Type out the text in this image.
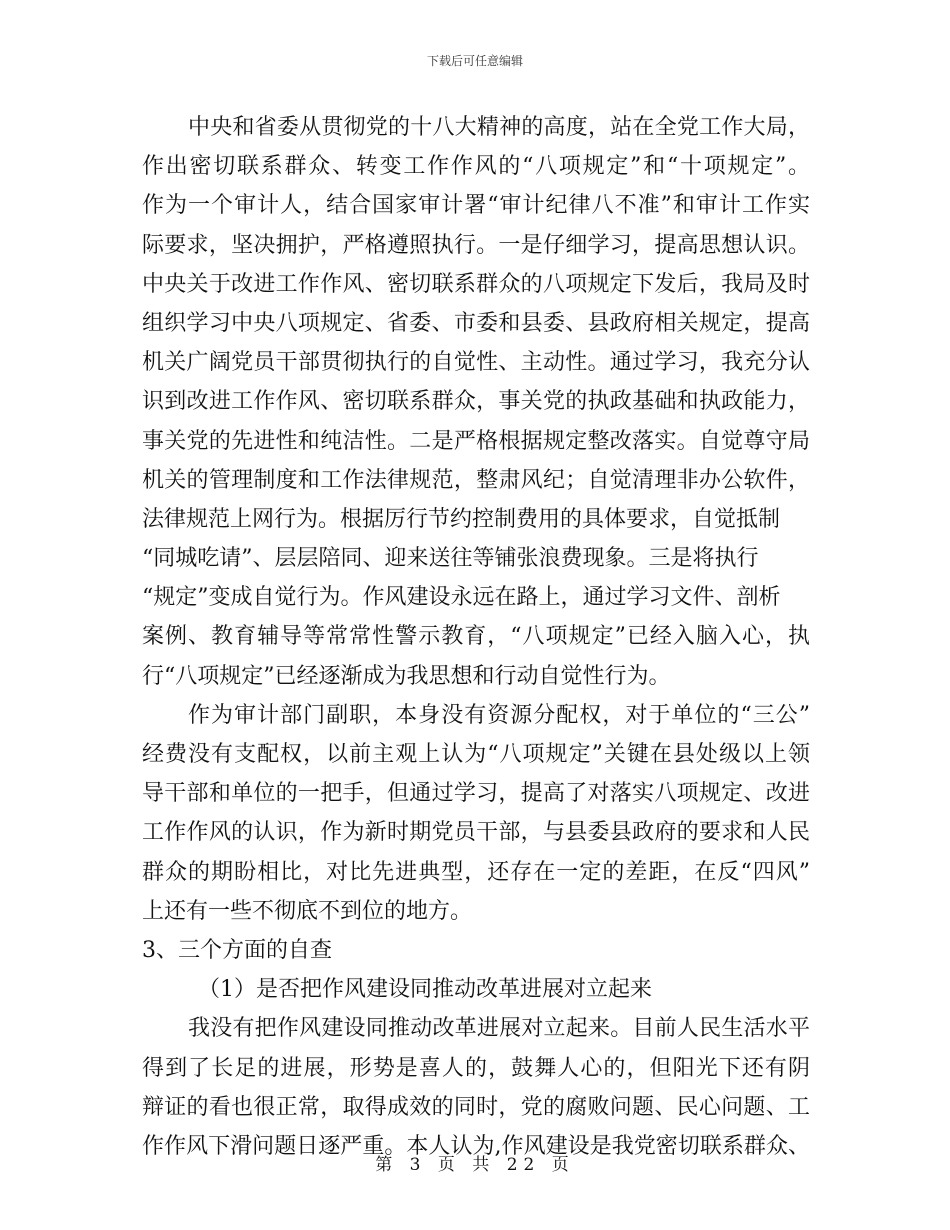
下载后可任意编辑
中央和省委从贯彻党的十八大精神的高度，站在全党工作大局，
作出密切联系群众、转变工作作风的“八项规定”和“十项规定”。
作为一个审计人，结合国家审计署“审计纪律八不准”和审计工作实
际要求，坚决拥护，严格遵照执行。一是仔细学习，提高思想认识。
中央关于改进工作作风、密切联系群众的八项规定下发后，我局及时
组织学习中央八项规定、省委、市委和县委、县政府相关规定，提高
机关广阔党员干部贯彻执行的自觉性、主动性。通过学习，我充分认
识到改进工作作风、密切联系群众，事关党的执政基础和执政能力，
事关党的先进性和纯洁性。二是严格根据规定整改落实。自觉尊守局
机关的管理制度和工作法律规范，整肃风纪；自觉清理非办公软件，
法律规范上网行为。根据厉行节约控制费用的具体要求，自觉抵制
“同城吃请”、层层陪同、迎来送往等铺张浪费现象。三是将执行
“规定”变成自觉行为。作风建设永远在路上，通过学习文件、剖析
案例、教育辅导等常常性警示教育，“八项规定”已经入脑入心，执
行“八项规定”已经逐渐成为我思想和行动自觉性行为。
作为审计部门副职，本身没有资源分配权，对于单位的“三公”
经费没有支配权，以前主观上认为“八项规定”关键在县处级以上领
导干部和单位的一把手，但通过学习，提高了对落实八项规定、改进
工作作风的认识，作为新时期党员干部，与县委县政府的要求和人民
群众的期盼相比，对比先进典型，还存在一定的差距，在反“四风”
上还有一些不彻底不到位的地方。
3、三个方面的自查
（1）是否把作风建设同推动改革进展对立起来
我没有把作风建设同推动改革进展对立起来。目前人民生活水平
得到了长足的进展，形势是喜人的，鼓舞人心的，但阳光下还有阴
辩证的看也很正常，取得成效的同时，党的腐败问题、民心问题、工
作作风下滑问题日逐严重。本人认为,作风建设是我党密切联系群众、
第 3 页 共 22 页
